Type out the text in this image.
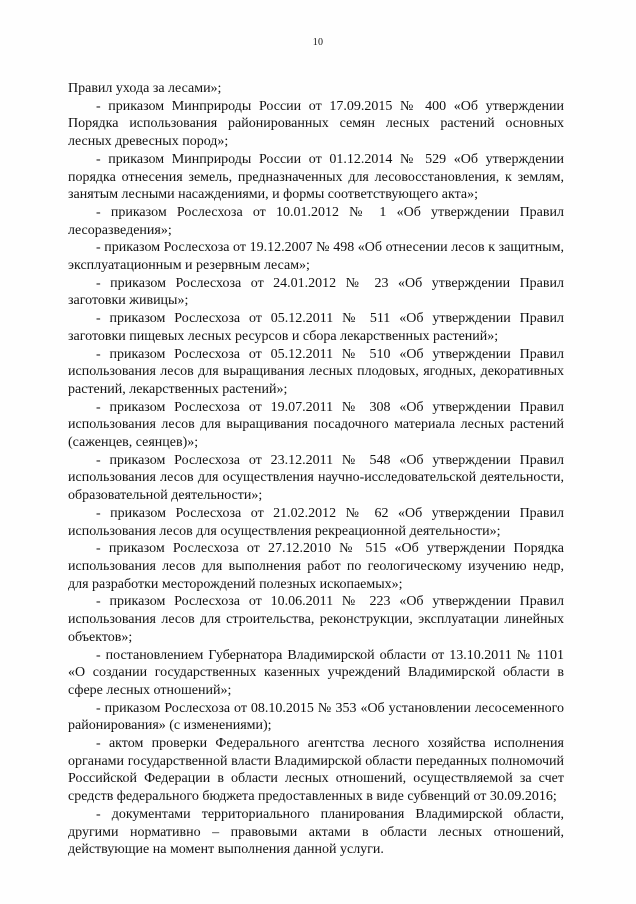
10

Правил ухода за лесами»;

- приказом Минприроды России от 17.09.2015 № 400 «Об утверждении Порядка использования районированных семян лесных растений основных лесных древесных пород»;

- приказом Минприроды России от 01.12.2014 № 529 «Об утверждении порядка отнесения земель, предназначенных для лесовосстановления, к землям, занятым лесными насаждениями, и формы соответствующего акта»;

- приказом Рослесхоза от 10.01.2012 № 1 «Об утверждении Правил лесоразведения»;

- приказом Рослесхоза от 19.12.2007 № 498 «Об отнесении лесов к защитным, эксплуатационным и резервным лесам»;

- приказом Рослесхоза от 24.01.2012 № 23 «Об утверждении Правил заготовки живицы»;

- приказом Рослесхоза от 05.12.2011 № 511 «Об утверждении Правил заготовки пищевых лесных ресурсов и сбора лекарственных растений»;

- приказом Рослесхоза от 05.12.2011 № 510 «Об утверждении Правил использования лесов для выращивания лесных плодовых, ягодных, декоративных растений, лекарственных растений»;

- приказом Рослесхоза от 19.07.2011 № 308 «Об утверждении Правил использования лесов для выращивания посадочного материала лесных растений (саженцев, сеянцев)»;

- приказом Рослесхоза от 23.12.2011 № 548 «Об утверждении Правил использования лесов для осуществления научно-исследовательской деятельности, образовательной деятельности»;

- приказом Рослесхоза от 21.02.2012 № 62 «Об утверждении Правил использования лесов для осуществления рекреационной деятельности»;

- приказом Рослесхоза от 27.12.2010 № 515 «Об утверждении Порядка использования лесов для выполнения работ по геологическому изучению недр, для разработки месторождений полезных ископаемых»;

- приказом Рослесхоза от 10.06.2011 № 223 «Об утверждении Правил использования лесов для строительства, реконструкции, эксплуатации линейных объектов»;

- постановлением Губернатора Владимирской области от 13.10.2011 № 1101 «О создании государственных казенных учреждений Владимирской области в сфере лесных отношений»;

- приказом Рослесхоза от 08.10.2015 № 353 «Об установлении лесосеменного районирования» (с изменениями);

- актом проверки Федерального агентства лесного хозяйства исполнения органами государственной власти Владимирской области переданных полномочий Российской Федерации в области лесных отношений, осуществляемой за счет средств федерального бюджета предоставленных в виде субвенций от 30.09.2016;

- документами территориального планирования Владимирской области, другими нормативно – правовыми актами в области лесных отношений, действующие на момент выполнения данной услуги.
